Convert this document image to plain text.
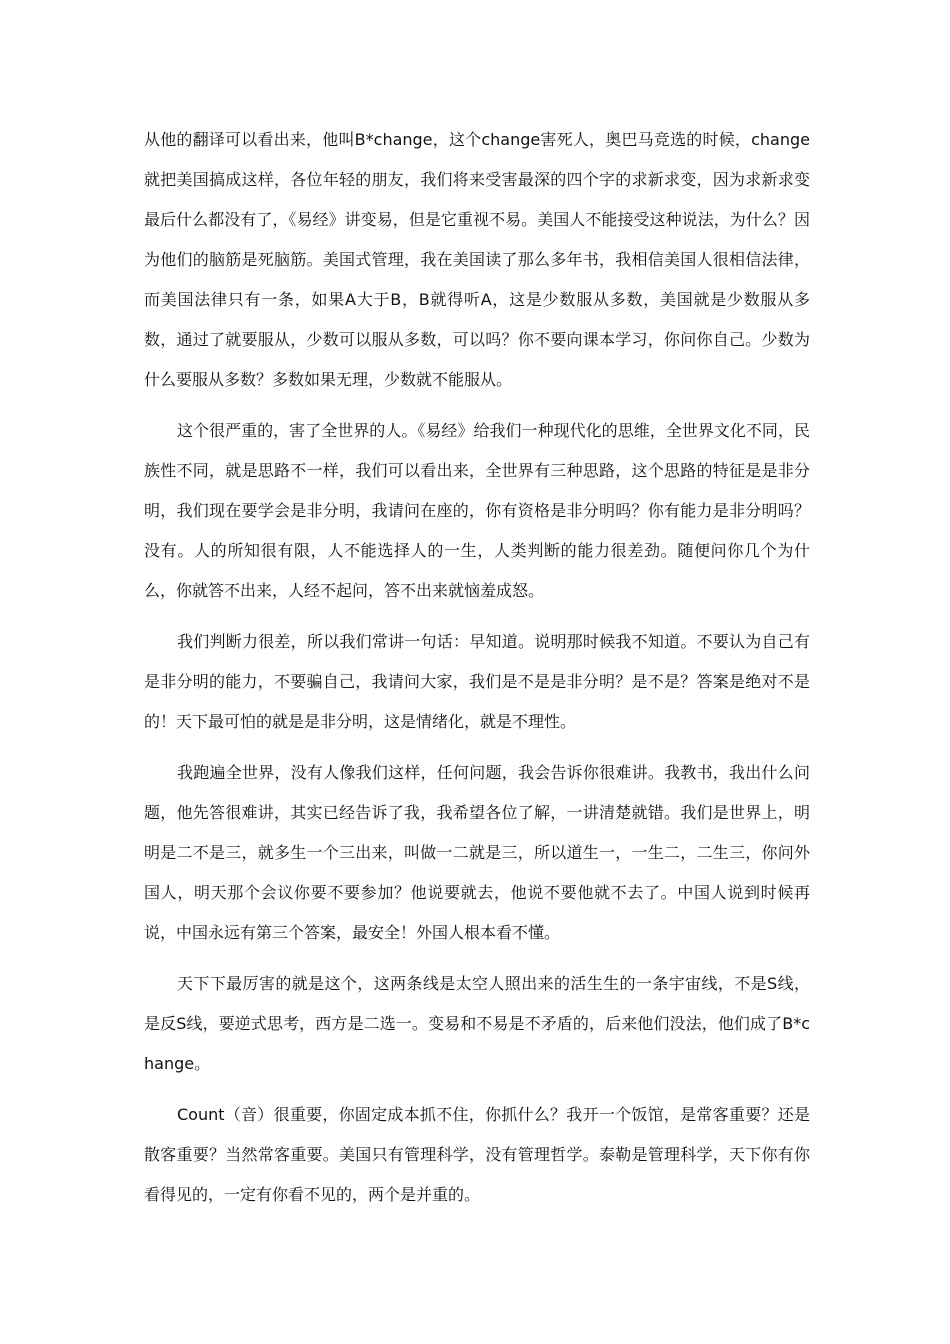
从他的翻译可以看出来，他叫B*change，这个change害死人，奥巴马竞选的时候，change就把美国搞成这样，各位年轻的朋友，我们将来受害最深的四个字的求新求变，因为求新求变最后什么都没有了，《易经》讲变易，但是它重视不易。美国人不能接受这种说法，为什么？因为他们的脑筋是死脑筋。美国式管理，我在美国读了那么多年书，我相信美国人很相信法律，而美国法律只有一条，如果A大于B，B就得听A，这是少数服从多数，美国就是少数服从多数，通过了就要服从，少数可以服从多数，可以吗？你不要向课本学习，你问你自己。少数为什么要服从多数？多数如果无理，少数就不能服从。

这个很严重的，害了全世界的人。《易经》给我们一种现代化的思维，全世界文化不同，民族性不同，就是思路不一样，我们可以看出来，全世界有三种思路，这个思路的特征是是非分明，我们现在要学会是非分明，我请问在座的，你有资格是非分明吗？你有能力是非分明吗？没有。人的所知很有限，人不能选择人的一生，人类判断的能力很差劲。随便问你几个为什么，你就答不出来，人经不起问，答不出来就恼羞成怒。

我们判断力很差，所以我们常讲一句话：早知道。说明那时候我不知道。不要认为自己有是非分明的能力，不要骗自己，我请问大家，我们是不是是非分明？是不是？答案是绝对不是的！天下最可怕的就是是非分明，这是情绪化，就是不理性。

我跑遍全世界，没有人像我们这样，任何问题，我会告诉你很难讲。我教书，我出什么问题，他先答很难讲，其实已经告诉了我，我希望各位了解，一讲清楚就错。我们是世界上，明明是二不是三，就多生一个三出来，叫做一二就是三，所以道生一，一生二，二生三，你问外国人，明天那个会议你要不要参加？他说要就去，他说不要他就不去了。中国人说到时候再说，中国永远有第三个答案，最安全！外国人根本看不懂。

天下下最厉害的就是这个，这两条线是太空人照出来的活生生的一条宇宙线，不是S线，是反S线，要逆式思考，西方是二选一。变易和不易是不矛盾的，后来他们没法，他们成了B*change。

Count（音）很重要，你固定成本抓不住，你抓什么？我开一个饭馆，是常客重要？还是散客重要？当然常客重要。美国只有管理科学，没有管理哲学。泰勒是管理科学，天下你有你看得见的，一定有你看不见的，两个是并重的。
